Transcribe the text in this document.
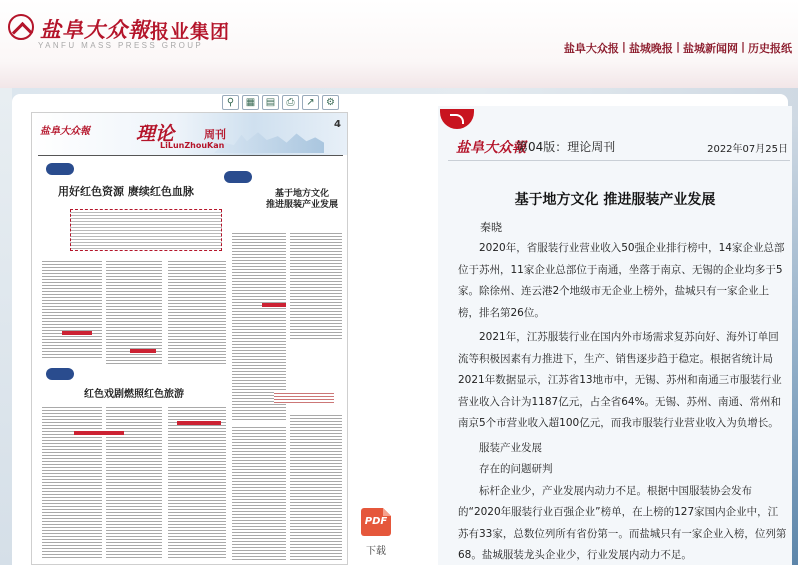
盐阜大众報 报业集团
YANFU MASS PRESS GROUP	盐阜大众报 | 盐城晚报 | 盐城新闻网 | 历史报纸
⚲	▦	▤	⎙	↗	⚙
盐阜大众報 理论	周刊
LiLunZhouKan
4
用好红色资源 赓续红色血脉	基于地方文化
推进服装产业发展
红色戏剧燃照红色旅游
PDF
下载
盐阜大众報
第04版：理论周刊	2022年07月25日
基于地方文化 推进服装产业发展
秦晓

2020年，省服装行业营业收入50强企业排行榜中，14家企业总部位于苏州，11家企业总部位于南通，坐落于南京、无锡的企业均多于5家。除徐州、连云港2个地级市无企业上榜外，盐城只有一家企业上榜，排名第26位。

2021年，江苏服装行业在国内外市场需求复苏向好、海外订单回流等积极因素有力推进下，生产、销售逐步趋于稳定。根据省统计局2021年数据显示，江苏省13地市中，无锡、苏州和南通三市服装行业营业收入合计为1187亿元，占全省64%。无锡、苏州、南通、常州和南京5个市营业收入超100亿元，而我市服装行业营业收入为负增长。

服装产业发展

存在的问题研判

标杆企业少，产业发展内动力不足。根据中国服装协会发布的“2020年服装行业百强企业”榜单，在上榜的127家国内企业中，江苏有33家，总数位列所有省份第一。而盐城只有一家企业入榜，位列第68。盐城服装龙头企业少，行业发展内动力不足。
